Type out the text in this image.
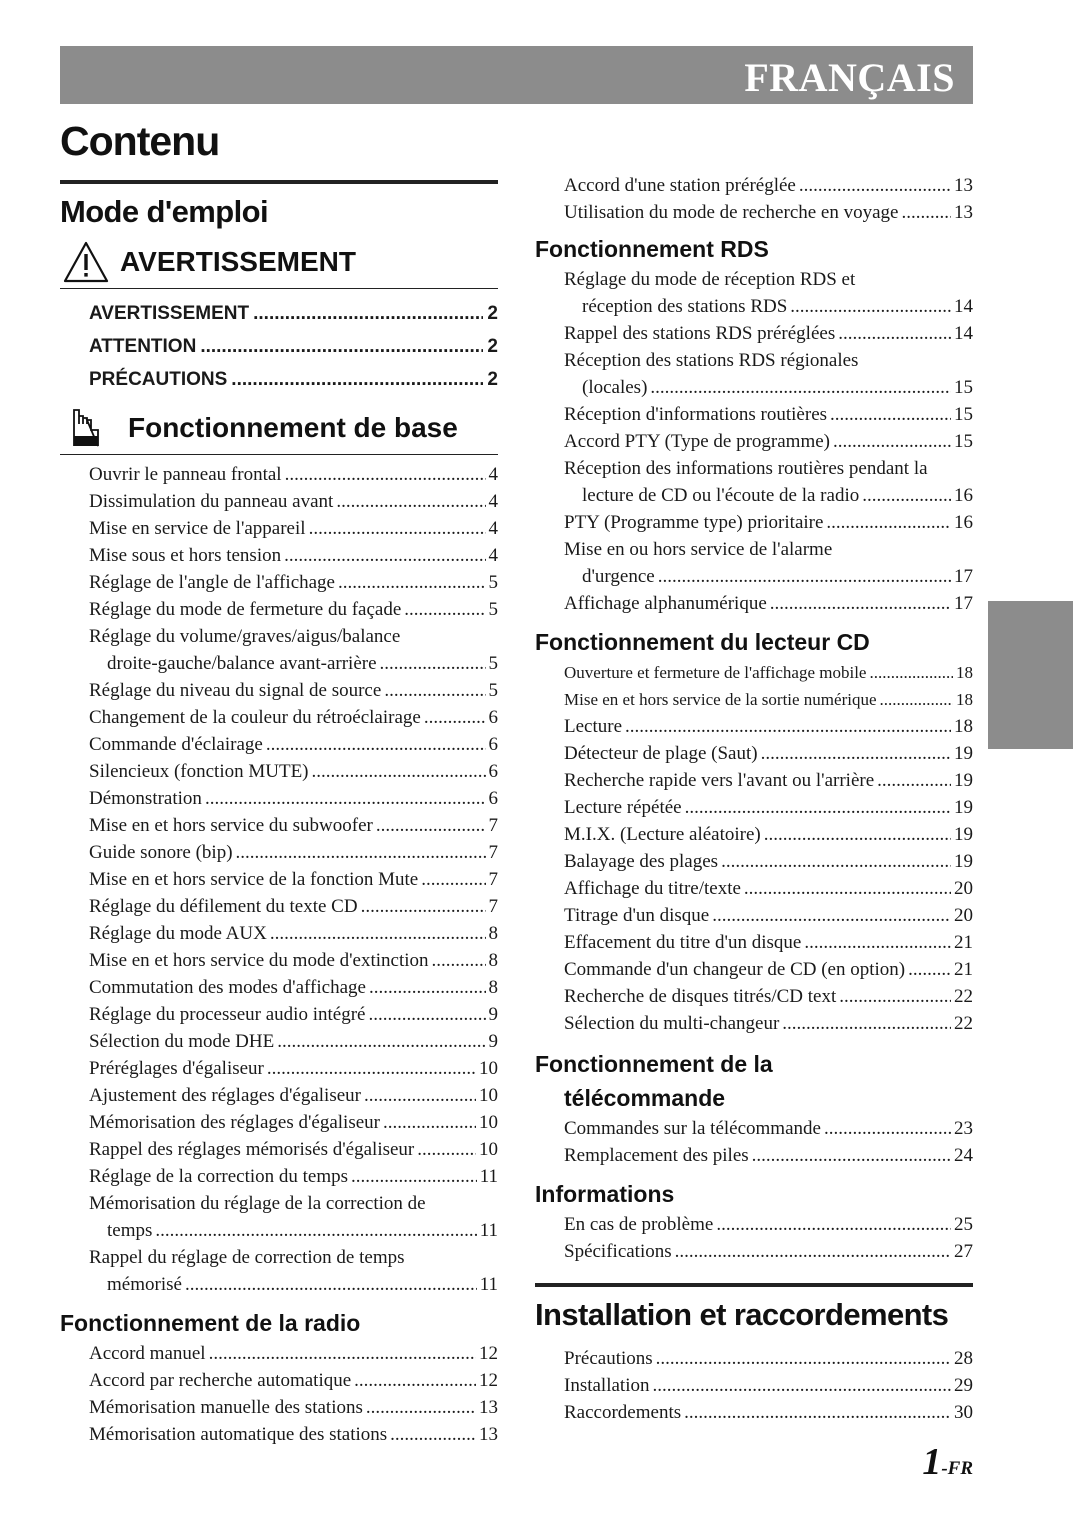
FRANÇAIS
Contenu
Mode d'emploi
AVERTISSEMENT
AVERTISSEMENT .....	2
ATTENTION .....	2
PRÉCAUTIONS .....	2
Fonctionnement de base
Ouvrir le panneau frontal .....	4
Dissimulation du panneau avant .....	4
Mise en service de l'appareil .....	4
Mise sous et hors tension .....	4
Réglage de l'angle de l'affichage .....	5
Réglage du mode de fermeture du façade .....	5
Réglage du volume/graves/aigus/balance
droite-gauche/balance avant-arrière .....	5
Réglage du niveau du signal de source .....	5
Changement de la couleur du rétroéclairage .....	6
Commande d'éclairage .....	6
Silencieux (fonction MUTE) .....	6
Démonstration .....	6
Mise en et hors service du subwoofer .....	7
Guide sonore (bip) .....	7
Mise en et hors service de la fonction Mute .....	7
Réglage du défilement du texte CD .....	7
Réglage du mode AUX .....	8
Mise en et hors service du mode d'extinction .....	8
Commutation des modes d'affichage .....	8
Réglage du processeur audio intégré .....	9
Sélection du mode DHE .....	9
Préréglages d'égaliseur .....	10
Ajustement des réglages d'égaliseur .....	10
Mémorisation des réglages d'égaliseur .....	10
Rappel des réglages mémorisés d'égaliseur .....	10
Réglage de la correction du temps .....	11
Mémorisation du réglage de la correction de
temps .....	11
Rappel du réglage de correction de temps
mémorisé .....	11
Fonctionnement de la radio
Accord manuel .....	12
Accord par recherche automatique .....	12
Mémorisation manuelle des stations .....	13
Mémorisation automatique des stations .....	13
Accord d'une station préréglée .....	13
Utilisation du mode de recherche en voyage .....	13
Fonctionnement RDS
Réglage du mode de réception RDS et
réception des stations RDS .....	14
Rappel des stations RDS préréglées .....	14
Réception des stations RDS régionales
(locales) .....	15
Réception d'informations routières .....	15
Accord PTY (Type de programme) .....	15
Réception des informations routières pendant la
lecture de CD ou l'écoute de la radio .....	16
PTY (Programme type) prioritaire .....	16
Mise en ou hors service de l'alarme
d'urgence .....	17
Affichage alphanumérique .....	17
Fonctionnement du lecteur CD
Ouverture et fermeture de l'affichage mobile .....	18
Mise en et hors service de la sortie numérique .....	18
Lecture .....	18
Détecteur de plage (Saut) .....	19
Recherche rapide vers l'avant ou l'arrière .....	19
Lecture répétée .....	19
M.I.X. (Lecture aléatoire) .....	19
Balayage des plages .....	19
Affichage du titre/texte .....	20
Titrage d'un disque .....	20
Effacement du titre d'un disque .....	21
Commande d'un changeur de CD (en option) .....	21
Recherche de disques titrés/CD text .....	22
Sélection du multi-changeur .....	22
Fonctionnement de la
télécommande
Commandes sur la télécommande .....	23
Remplacement des piles .....	24
Informations
En cas de problème .....	25
Spécifications .....	27
Installation et raccordements
Précautions .....	28
Installation .....	29
Raccordements .....	30
1-FR
